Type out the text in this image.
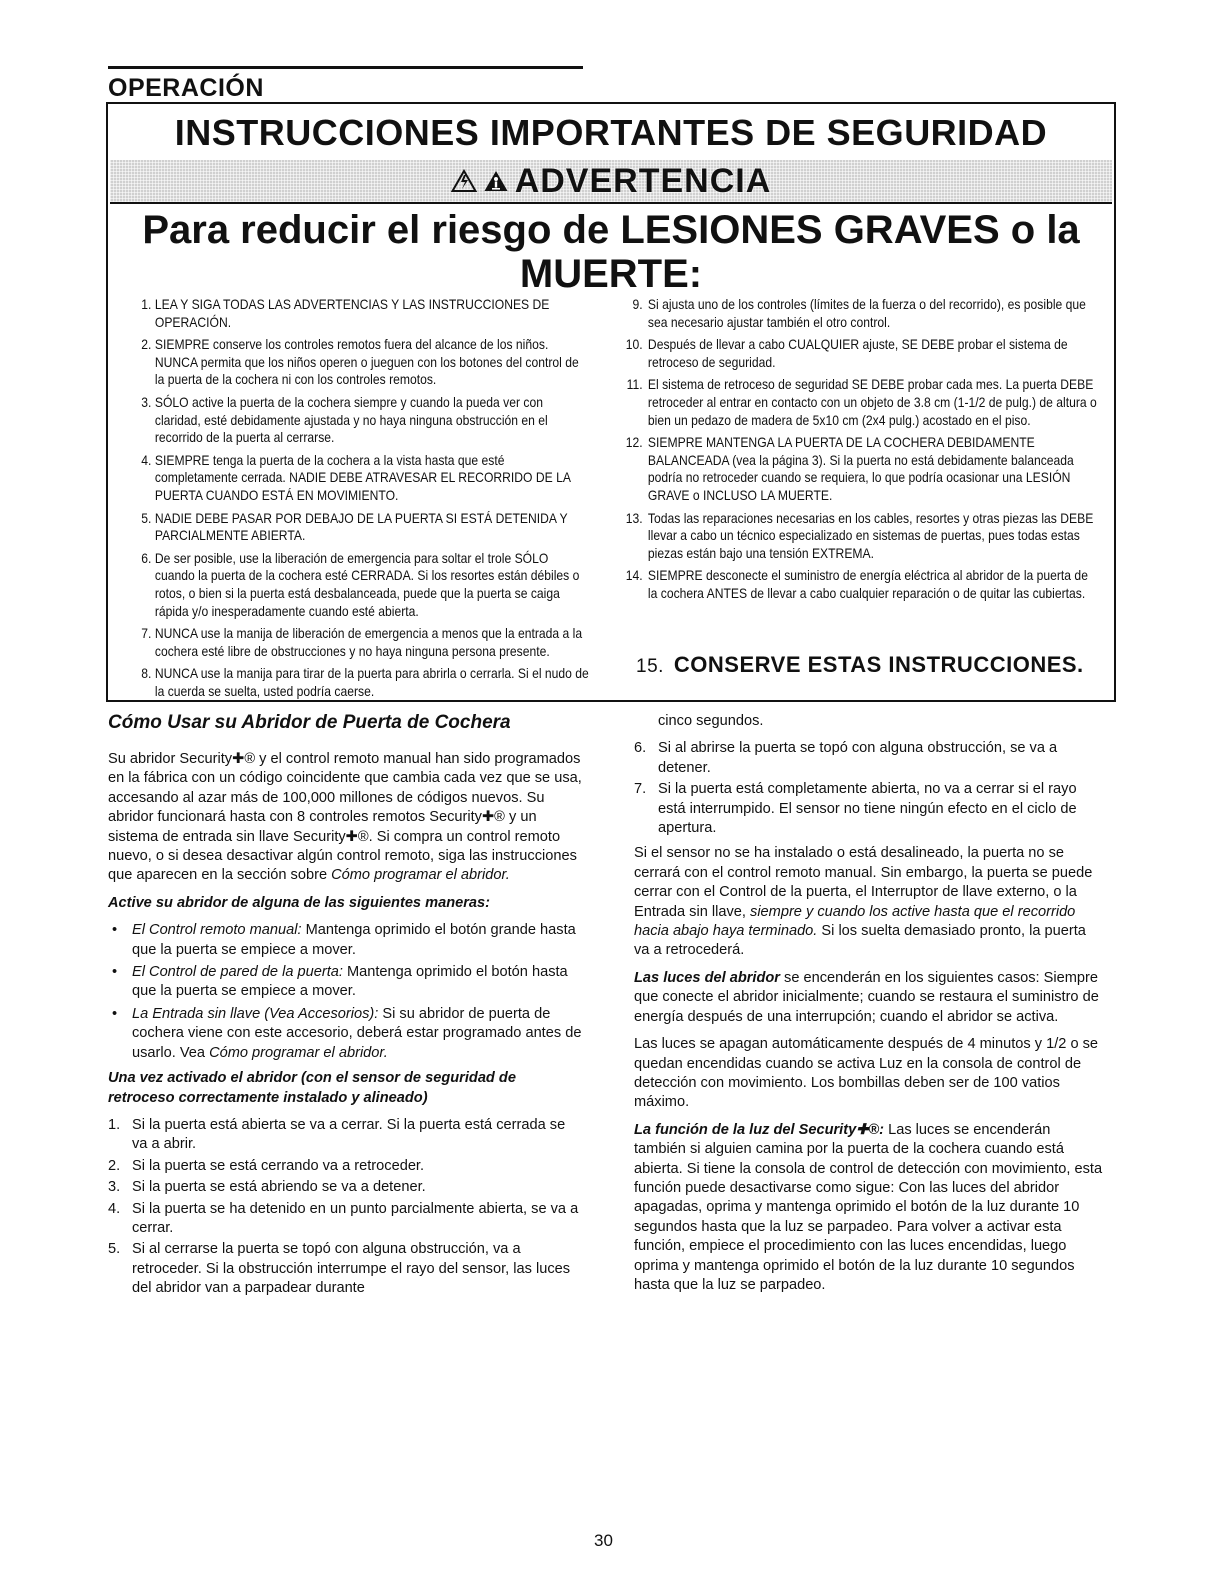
OPERACIÓN
INSTRUCCIONES IMPORTANTES DE SEGURIDAD
ADVERTENCIA
Para reducir el riesgo de LESIONES GRAVES o la MUERTE:
1. LEA Y SIGA TODAS LAS ADVERTENCIAS Y LAS INSTRUCCIONES DE OPERACIÓN.
2. SIEMPRE conserve los controles remotos fuera del alcance de los niños. NUNCA permita que los niños operen o jueguen con los botones del control de la puerta de la cochera ni con los controles remotos.
3. SÓLO active la puerta de la cochera siempre y cuando la pueda ver con claridad, esté debidamente ajustada y no haya ninguna obstrucción en el recorrido de la puerta al cerrarse.
4. SIEMPRE tenga la puerta de la cochera a la vista hasta que esté completamente cerrada. NADIE DEBE ATRAVESAR EL RECORRIDO DE LA PUERTA CUANDO ESTÁ EN MOVIMIENTO.
5. NADIE DEBE PASAR POR DEBAJO DE LA PUERTA SI ESTÁ DETENIDA Y PARCIALMENTE ABIERTA.
6. De ser posible, use la liberación de emergencia para soltar el trole SÓLO cuando la puerta de la cochera esté CERRADA. Si los resortes están débiles o rotos, o bien si la puerta está desbalanceada, puede que la puerta se caiga rápida y/o inesperadamente cuando esté abierta.
7. NUNCA use la manija de liberación de emergencia a menos que la entrada a la cochera esté libre de obstrucciones y no haya ninguna persona presente.
8. NUNCA use la manija para tirar de la puerta para abrirla o cerrarla. Si el nudo de la cuerda se suelta, usted podría caerse.
9. Si ajusta uno de los controles (límites de la fuerza o del recorrido), es posible que sea necesario ajustar también el otro control.
10. Después de llevar a cabo CUALQUIER ajuste, SE DEBE probar el sistema de retroceso de seguridad.
11. El sistema de retroceso de seguridad SE DEBE probar cada mes. La puerta DEBE retroceder al entrar en contacto con un objeto de 3.8 cm (1-1/2 de pulg.) de altura o bien un pedazo de madera de 5x10 cm (2x4 pulg.) acostado en el piso.
12. SIEMPRE MANTENGA LA PUERTA DE LA COCHERA DEBIDAMENTE BALANCEADA (vea la página 3). Si la puerta no está debidamente balanceada podría no retroceder cuando se requiera, lo que podría ocasionar una LESIÓN GRAVE o INCLUSO LA MUERTE.
13. Todas las reparaciones necesarias en los cables, resortes y otras piezas las DEBE llevar a cabo un técnico especializado en sistemas de puertas, pues todas estas piezas están bajo una tensión EXTREMA.
14. SIEMPRE desconecte el suministro de energía eléctrica al abridor de la puerta de la cochera ANTES de llevar a cabo cualquier reparación o de quitar las cubiertas.
15. CONSERVE ESTAS INSTRUCCIONES.
Cómo Usar su Abridor de Puerta de Cochera

Su abridor Security✚® y el control remoto manual han sido programados en la fábrica con un código coincidente que cambia cada vez que se usa, accesando al azar más de 100,000 millones de códigos nuevos. Su abridor funcionará hasta con 8 controles remotos Security✚® y un sistema de entrada sin llave Security✚®. Si compra un control remoto nuevo, o si desea desactivar algún control remoto, siga las instrucciones que aparecen en la sección sobre Cómo programar el abridor.

Active su abridor de alguna de las siguientes maneras:

• El Control remoto manual: Mantenga oprimido el botón grande hasta que la puerta se empiece a mover.
• El Control de pared de la puerta: Mantenga oprimido el botón hasta que la puerta se empiece a mover.
• La Entrada sin llave (Vea Accesorios): Si su abridor de puerta de cochera viene con este accesorio, deberá estar programado antes de usarlo. Vea Cómo programar el abridor.

Una vez activado el abridor (con el sensor de seguridad de retroceso correctamente instalado y alineado)

1. Si la puerta está abierta se va a cerrar. Si la puerta está cerrada se va a abrir.
2. Si la puerta se está cerrando va a retroceder.
3. Si la puerta se está abriendo se va a detener.
4. Si la puerta se ha detenido en un punto parcialmente abierta, se va a cerrar.
5. Si al cerrarse la puerta se topó con alguna obstrucción, va a retroceder. Si la obstrucción interrumpe el rayo del sensor, las luces del abridor van a parpadear durante

cinco segundos.

6. Si al abrirse la puerta se topó con alguna obstrucción, se va a detener.
7. Si la puerta está completamente abierta, no va a cerrar si el rayo está interrumpido. El sensor no tiene ningún efecto en el ciclo de apertura.

Si el sensor no se ha instalado o está desalineado, la puerta no se cerrará con el control remoto manual. Sin embargo, la puerta se puede cerrar con el Control de la puerta, el Interruptor de llave externo, o la Entrada sin llave, siempre y cuando los active hasta que el recorrido hacia abajo haya terminado. Si los suelta demasiado pronto, la puerta va a retrocederá.

Las luces del abridor se encenderán en los siguientes casos: Siempre que conecte el abridor inicialmente; cuando se restaura el suministro de energía después de una interrupción; cuando el abridor se activa.

Las luces se apagan automáticamente después de 4 minutos y 1/2 o se quedan encendidas cuando se activa Luz en la consola de control de detección con movimiento. Los bombillas deben ser de 100 vatios máximo.

La función de la luz del Security✚®: Las luces se encenderán también si alguien camina por la puerta de la cochera cuando está abierta. Si tiene la consola de control de detección con movimiento, esta función puede desactivarse como sigue: Con las luces del abridor apagadas, oprima y mantenga oprimido el botón de la luz durante 10 segundos hasta que la luz se parpadeo. Para volver a activar esta función, empiece el procedimiento con las luces encendidas, luego oprima y mantenga oprimido el botón de la luz durante 10 segundos hasta que la luz se parpadeo.

30
